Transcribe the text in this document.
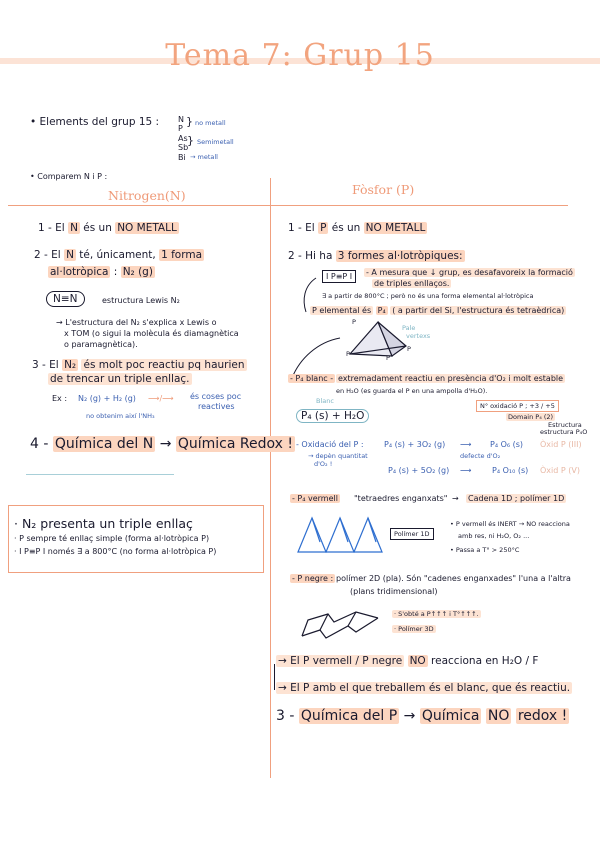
Tema 7: Grup 15
• Elements del grup 15 : N
P
} no metall
As
Sb
} Semimetall
Bi → metall
• Comparem N i P :
Nitrogen(N)	Fòsfor (P)
1 - El N és un NO METALL
2 - El N té, únicament, 1 forma
al·lotròpica : N₂ (g)
N≡N	estructura Lewis N₂
→ L'estructura del N₂ s'explica x Lewis o
x TOM (o sigui la molècula és diamagnètica
o paramagnètica).
3 - El N₂ és molt poc reactiu pq haurien
de trencar un triple enllaç.
Ex : N₂ (g) + H₂ (g) ⟶/⟶ és coses poc
reactives
no obtenim així l'NH₃
4 - Química del N → Química Redox !
· N₂ presenta un triple enllaç
· P sempre té enllaç simple (forma al·lotròpica P)
· I P≡P I només ∃ a 800°C (no forma al·lotròpica P)
1 - El P és un NO METALL
2 - Hi ha 3 formes al·lotròpiques:
I P≡P I	- A mesura que ↓ grup, es desafavoreix la formació
de triples enllaços.
∃ a partir de 800°C ; però no és una forma elemental al·lotròpica
P elemental és P₄ ( a partir del Si, l'estructura és tetraèdrica)
P
P	P
P
Pale
vertexs
- P₄ blanc - extremadament reactiu en presència d'O₂ i molt estable
en H₂O (es guarda el P en una ampolla d'H₂O).
Blanc
P₄ (s) + H₂O
N° oxidació P ; +3 / +5
Domain P₄ (2)
Estructura
estructura P₄O
- Oxidació del P :	P₄ (s) + 3O₂ (g) ⟶ P₄ O₆ (s) Òxid P (III)
defecte d'O₂
→ depèn quantitat
d'O₂ !
P₄ (s) + 5O₂ (g) ⟶	P₄ O₁₀ (s) Òxid P (V)
- P₄ vermell "tetraedres enganxats" → Cadena 1D ; polímer 1D
Polímer 1D
• P vermell és INERT → NO reacciona
amb res, ni H₂O, O₂ ...
• Passa a T° > 250°C
- P negre : polímer 2D (pla). Són "cadenes enganxades" l'una a l'altra
(plans tridimensional)
· S'obté a P↑↑↑ i T°↑↑↑.
· Polímer 3D
→ El P vermell / P negre NO reacciona en H₂O / F
→ El P amb el que treballem és el blanc, que és reactiu.
3 - Química del P → Química NO redox !
